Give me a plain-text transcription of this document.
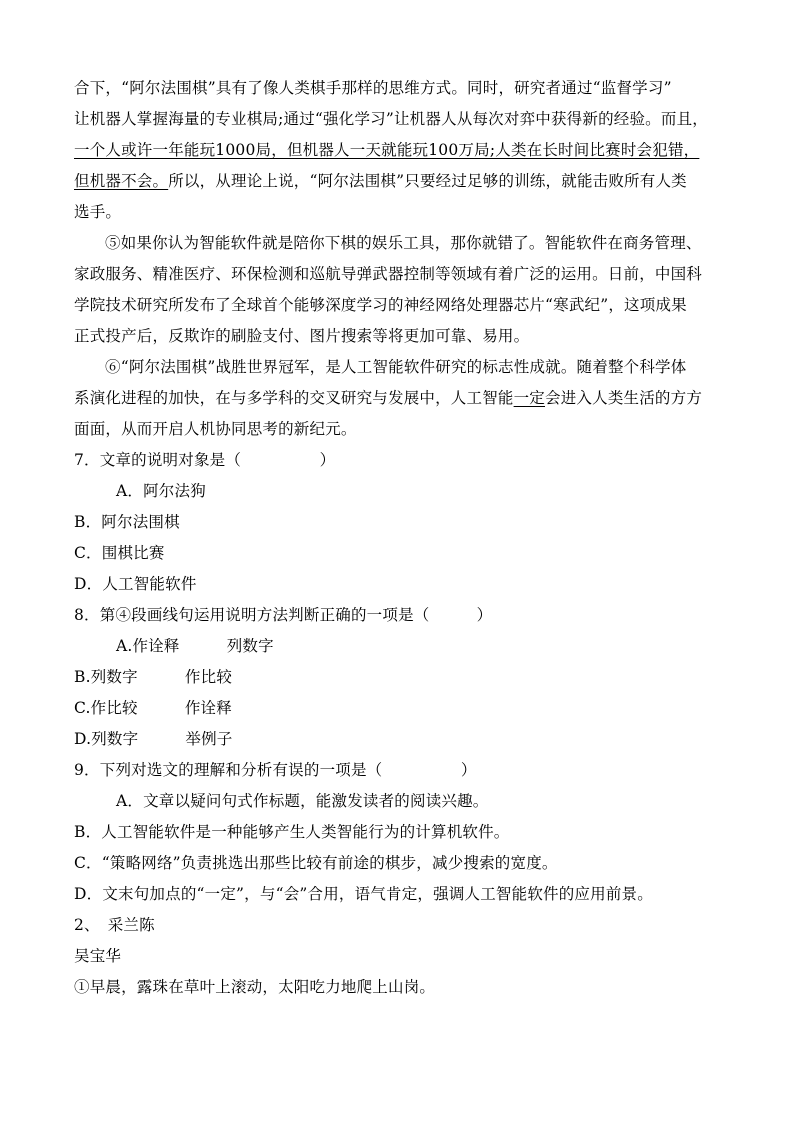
合下，“阿尔法围棋”具有了像人类棋手那样的思维方式。同时，研究者通过“监督学习”
让机器人掌握海量的专业棋局;通过“强化学习”让机器人从每次对弈中获得新的经验。而且，
一个人或许一年能玩1000局，但机器人一天就能玩100万局;人类在长时间比赛时会犯错，
但机器不会。所以，从理论上说，“阿尔法围棋”只要经过足够的训练，就能击败所有人类
选手。
⑤如果你认为智能软件就是陪你下棋的娱乐工具，那你就错了。智能软件在商务管理、
家政服务、精准医疗、环保检测和巡航导弹武器控制等领域有着广泛的运用。日前，中国科
学院技术研究所发布了全球首个能够深度学习的神经网络处理器芯片“寒武纪”，这项成果
正式投产后，反欺诈的刷脸支付、图片搜索等将更加可靠、易用。
⑥“阿尔法围棋”战胜世界冠军，是人工智能软件研究的标志性成就。随着整个科学体
系演化进程的加快，在与多学科的交叉研究与发展中，人工智能一定会进入人类生活的方方
面面，从而开启人机协同思考的新纪元。
7．文章的说明对象是（　　　　　）
A．阿尔法狗
B．阿尔法围棋
C．围棋比赛
D．人工智能软件
8．第④段画线句运用说明方法判断正确的一项是（　　　）
A.作诠释　　　列数字
B.列数字　　　作比较
C.作比较　　　作诠释
D.列数字　　　举例子
9．下列对选文的理解和分析有误的一项是（　　　　　）
A．文章以疑问句式作标题，能激发读者的阅读兴趣。
B．人工智能软件是一种能够产生人类智能行为的计算机软件。
C．“策略网络”负责挑选出那些比较有前途的棋步，减少搜索的宽度。
D．文末句加点的“一定”，与“会”合用，语气肯定，强调人工智能软件的应用前景。
2、　采兰陈
吴宝华
①早晨，露珠在草叶上滚动，太阳吃力地爬上山岗。
